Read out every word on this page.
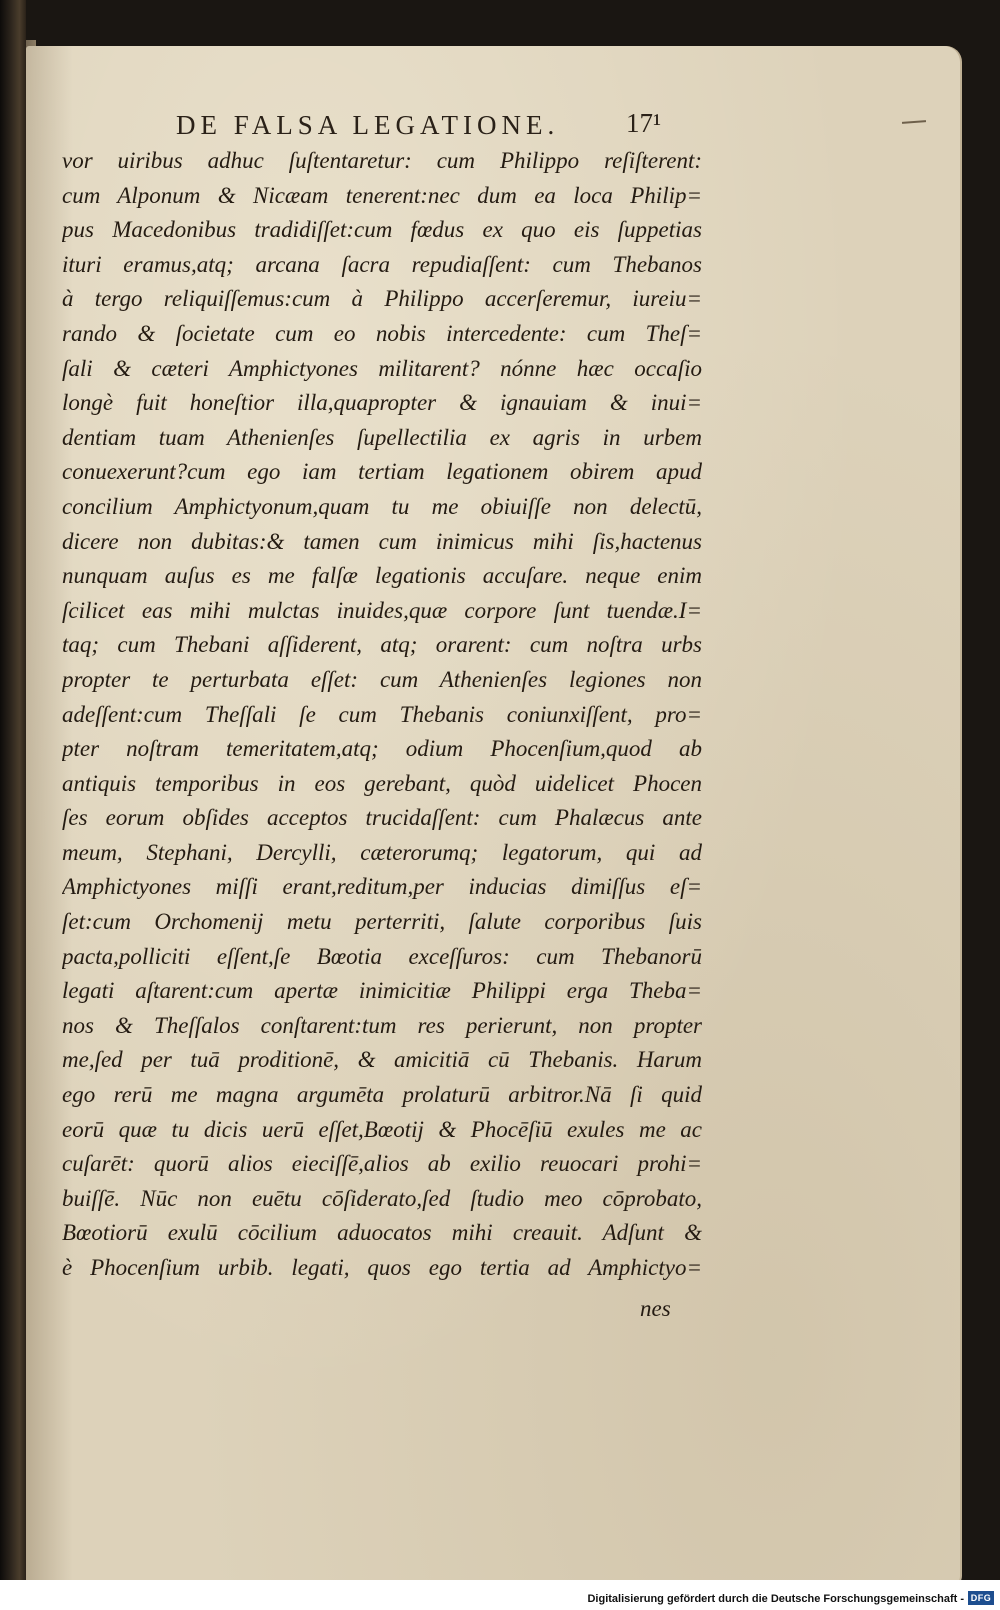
DE FALSA LEGATIONE.	17¹
vor uiribus adhuc ſuſtentaretur: cum Philippo reſiſterent:
cum Alponum & Nicæam tenerent:nec dum ea loca Philip=
pus Macedonibus tradidiſſet:cum fœdus ex quo eis ſuppetias
ituri eramus,atq; arcana ſacra repudiaſſent: cum Thebanos
à tergo reliquiſſemus:cum à Philippo accerſeremur, iureiu=
rando & ſocietate cum eo nobis intercedente: cum Theſ=
ſali & cæteri Amphictyones militarent? nónne hæc occaſio
longè fuit honeſtior illa,quapropter & ignauiam & inui=
dentiam tuam Athenienſes ſupellectilia ex agris in urbem
conuexerunt?cum ego iam tertiam legationem obirem apud
concilium Amphictyonum,quam tu me obiuiſſe non delectū,
dicere non dubitas:& tamen cum inimicus mihi ſis,hactenus
nunquam auſus es me falſæ legationis accuſare. neque enim
ſcilicet eas mihi mulctas inuides,quæ corpore ſunt tuendæ.I=
taq; cum Thebani aſſiderent, atq; orarent: cum noſtra urbs
propter te perturbata eſſet: cum Athenienſes legiones non
adeſſent:cum Theſſali ſe cum Thebanis coniunxiſſent, pro=
pter noſtram temeritatem,atq; odium Phocenſium,quod ab
antiquis temporibus in eos gerebant, quòd uidelicet Phocen
ſes eorum obſides acceptos trucidaſſent: cum Phalæcus ante
meum, Stephani, Dercylli, cæterorumq; legatorum, qui ad
Amphictyones miſſi erant,reditum,per inducias dimiſſus eſ=
ſet:cum Orchomenij metu perterriti, ſalute corporibus ſuis
pacta,polliciti eſſent,ſe Bœotia exceſſuros: cum Thebanorū
legati aſtarent:cum apertæ inimicitiæ Philippi erga Theba=
nos & Theſſalos conſtarent:tum res perierunt, non propter
me,ſed per tuā proditionē, & amicitiā cū Thebanis. Harum
ego rerū me magna argumēta prolaturū arbitror.Nā ſi quid
eorū quæ tu dicis uerū eſſet,Bœotij & Phocēſiū exules me ac
cuſarēt: quorū alios eieciſſē,alios ab exilio reuocari prohi=
buiſſē. Nūc non euētu cōſiderato,ſed ſtudio meo cōprobato,
Bœotiorū exulū cōcilium aduocatos mihi creauit. Adſunt &
è Phocenſium urbib. legati, quos ego tertia ad Amphictyo=
nes
Digitalisierung gefördert durch die Deutsche Forschungsgemeinschaft - DFG
